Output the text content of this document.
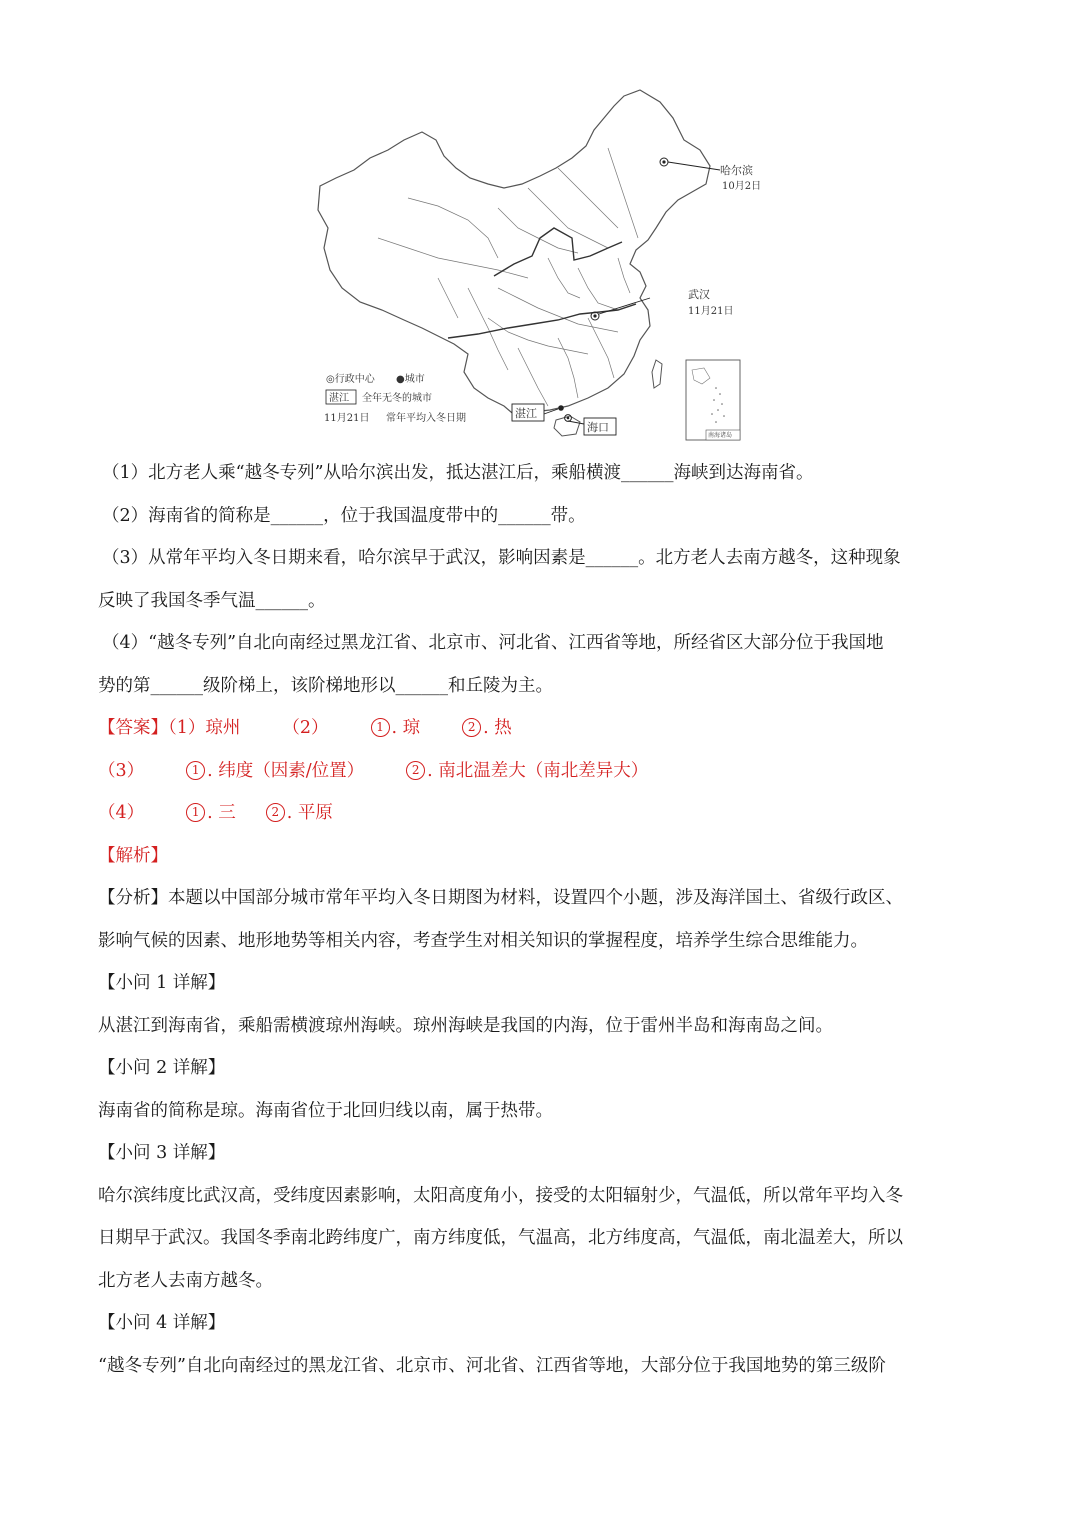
哈尔滨
10月2日
武汉
11月21日
湛江
海口
◎行政中心 ●城市
湛江 全年无冬的城市
11月21日 常年平均入冬日期
南海诸岛

（1）北方老人乘“越冬专列”从哈尔滨出发，抵达湛江后，乘船横渡______海峡到达海南省。

（2）海南省的简称是______，位于我国温度带中的______带。

（3）从常年平均入冬日期来看，哈尔滨早于武汉，影响因素是______。北方老人去南方越冬，这种现象

反映了我国冬季气温______。

（4）“越冬专列”自北向南经过黑龙江省、北京市、河北省、江西省等地，所经省区大部分位于我国地

势的第______级阶梯上，该阶梯地形以______和丘陵为主。

【答案】（1）琼州 （2）	1 . 琼	2 . 热

（3）	1 . 纬度（因素/位置）	2 . 南北温差大（南北差异大）

（4）	1 . 三	2 . 平原

【解析】

【分析】本题以中国部分城市常年平均入冬日期图为材料，设置四个小题，涉及海洋国土、省级行政区、

影响气候的因素、地形地势等相关内容，考查学生对相关知识的掌握程度，培养学生综合思维能力。

【小问 1 详解】

从湛江到海南省，乘船需横渡琼州海峡。琼州海峡是我国的内海，位于雷州半岛和海南岛之间。

【小问 2 详解】

海南省的简称是琼。海南省位于北回归线以南，属于热带。

【小问 3 详解】

哈尔滨纬度比武汉高，受纬度因素影响，太阳高度角小，接受的太阳辐射少，气温低，所以常年平均入冬

日期早于武汉。我国冬季南北跨纬度广，南方纬度低，气温高，北方纬度高，气温低，南北温差大，所以

北方老人去南方越冬。

【小问 4 详解】

“越冬专列”自北向南经过的黑龙江省、北京市、河北省、江西省等地，大部分位于我国地势的第三级阶
